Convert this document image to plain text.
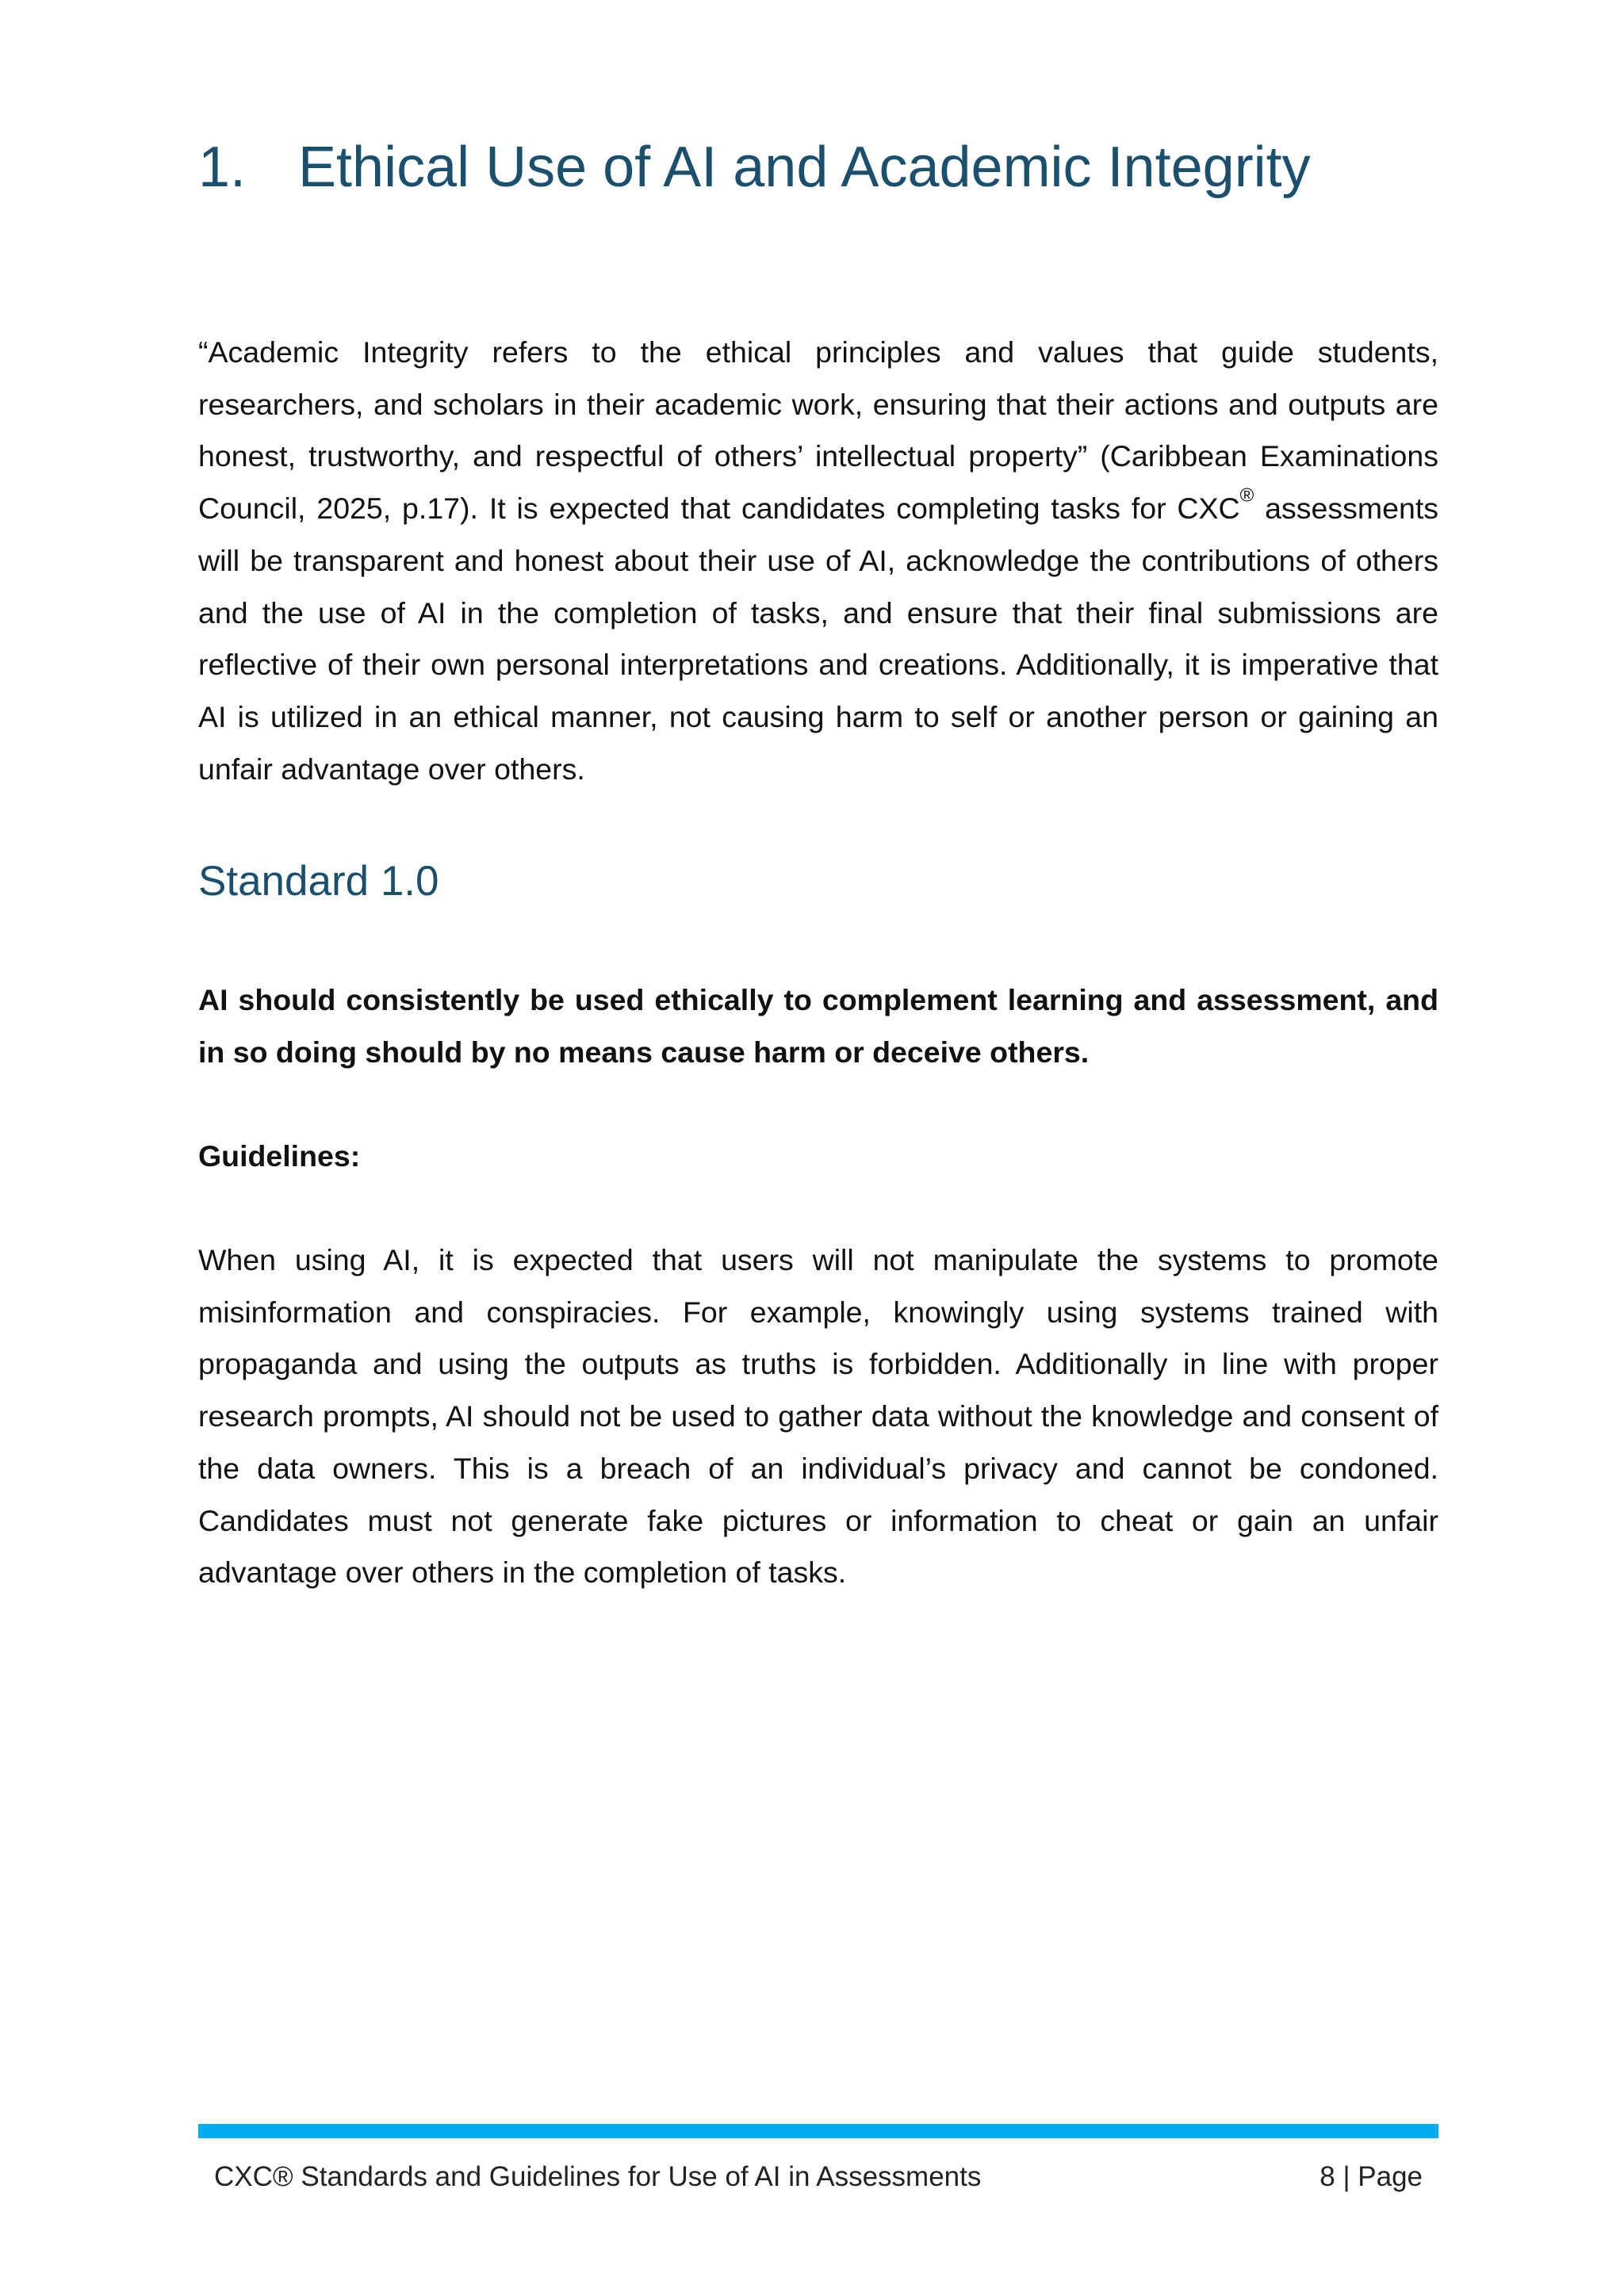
1. Ethical Use of AI and Academic Integrity

“Academic Integrity refers to the ethical principles and values that guide students, researchers, and scholars in their academic work, ensuring that their actions and outputs are honest, trustworthy, and respectful of others’ intellectual property” (Caribbean Examinations Council, 2025, p.17). It is expected that candidates completing tasks for CXC® assessments will be transparent and honest about their use of AI, acknowledge the contributions of others and the use of AI in the completion of tasks, and ensure that their final submissions are reflective of their own personal interpretations and creations. Additionally, it is imperative that AI is utilized in an ethical manner, not causing harm to self or another person or gaining an unfair advantage over others.

Standard 1.0

AI should consistently be used ethically to complement learning and assessment, and in so doing should by no means cause harm or deceive others.

Guidelines:

When using AI, it is expected that users will not manipulate the systems to promote misinformation and conspiracies. For example, knowingly using systems trained with propaganda and using the outputs as truths is forbidden. Additionally in line with proper research prompts, AI should not be used to gather data without the knowledge and consent of the data owners. This is a breach of an individual’s privacy and cannot be condoned. Candidates must not generate fake pictures or information to cheat or gain an unfair advantage over others in the completion of tasks.

CXC® Standards and Guidelines for Use of AI in Assessments	8 | Page
